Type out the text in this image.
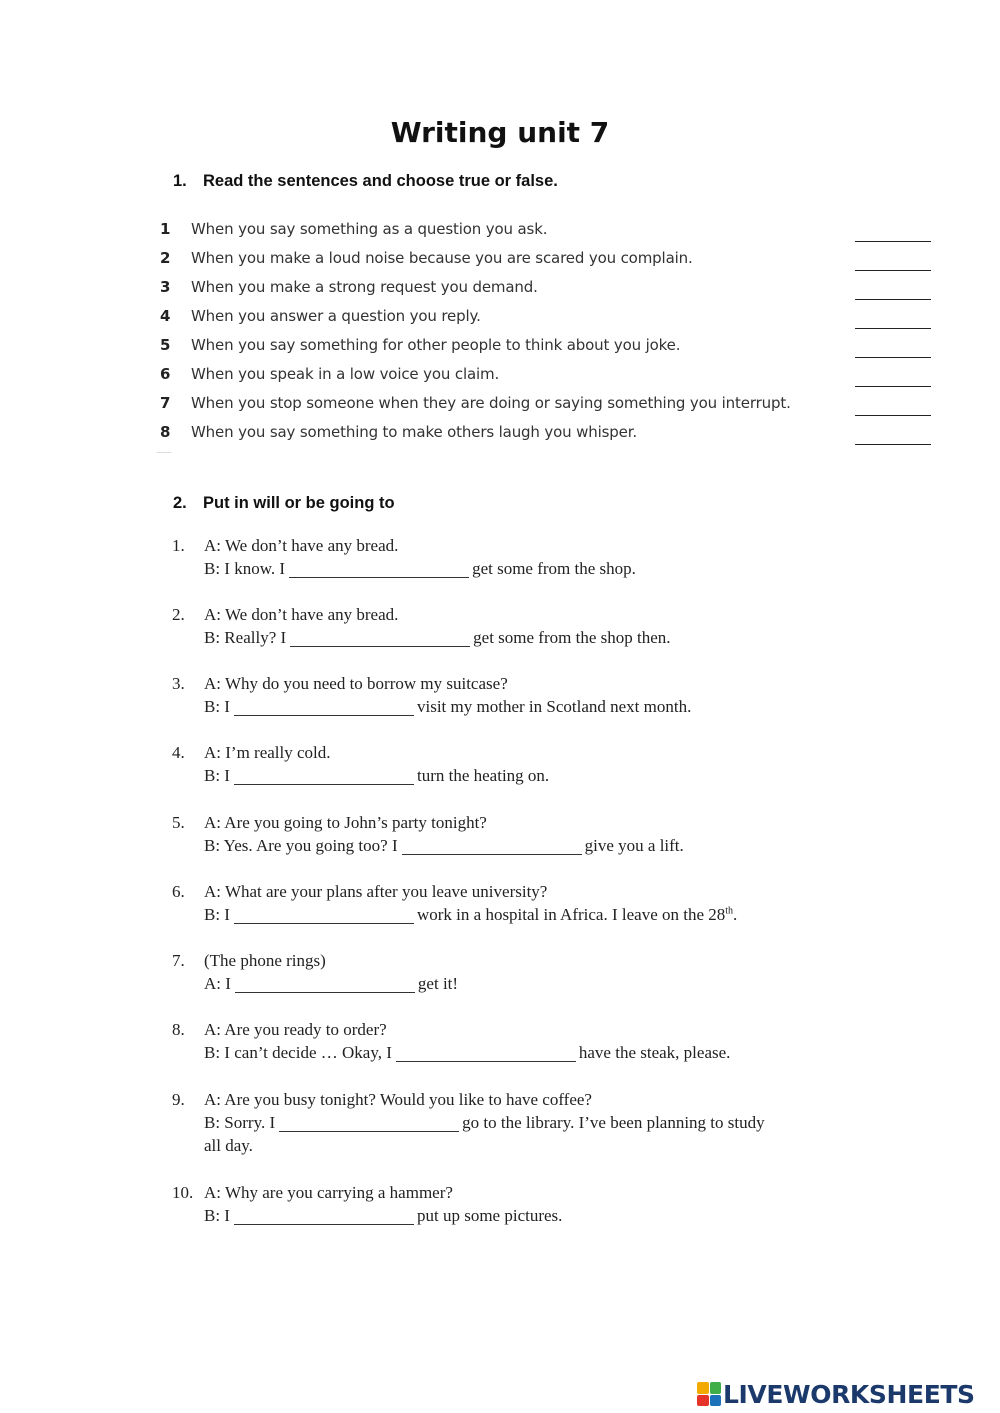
Writing unit 7
1. Read the sentences and choose true or false.
1	When you say something as a question you ask.
2	When you make a loud noise because you are scared you complain.
3	When you make a strong request you demand.
4	When you answer a question you reply.
5	When you say something for other people to think about you joke.
6	When you speak in a low voice you claim.
7	When you stop someone when they are doing or saying something you interrupt.
8	When you say something to make others laugh you whisper.
2. Put in will or be going to
1. A: We don’t have any bread.
B: I know. I	get some from the shop.
2. A: We don’t have any bread.
B: Really? I	get some from the shop then.
3. A: Why do you need to borrow my suitcase?
B: I	visit my mother in Scotland next month.
4. A: I’m really cold.
B: I	turn the heating on.
5. A: Are you going to John’s party tonight?
B: Yes. Are you going too? I	give you a lift.
6. A: What are your plans after you leave university?
B: I	work in a hospital in Africa. I leave on the 28th.
7. (The phone rings)
A: I	get it!
8. A: Are you ready to order?
B: I can’t decide … Okay, I	have the steak, please.
9. A: Are you busy tonight? Would you like to have coffee?
B: Sorry. I	go to the library. I’ve been planning to study
all day.
10. A: Why are you carrying a hammer?
B: I	put up some pictures.
LIVEWORKSHEETS
